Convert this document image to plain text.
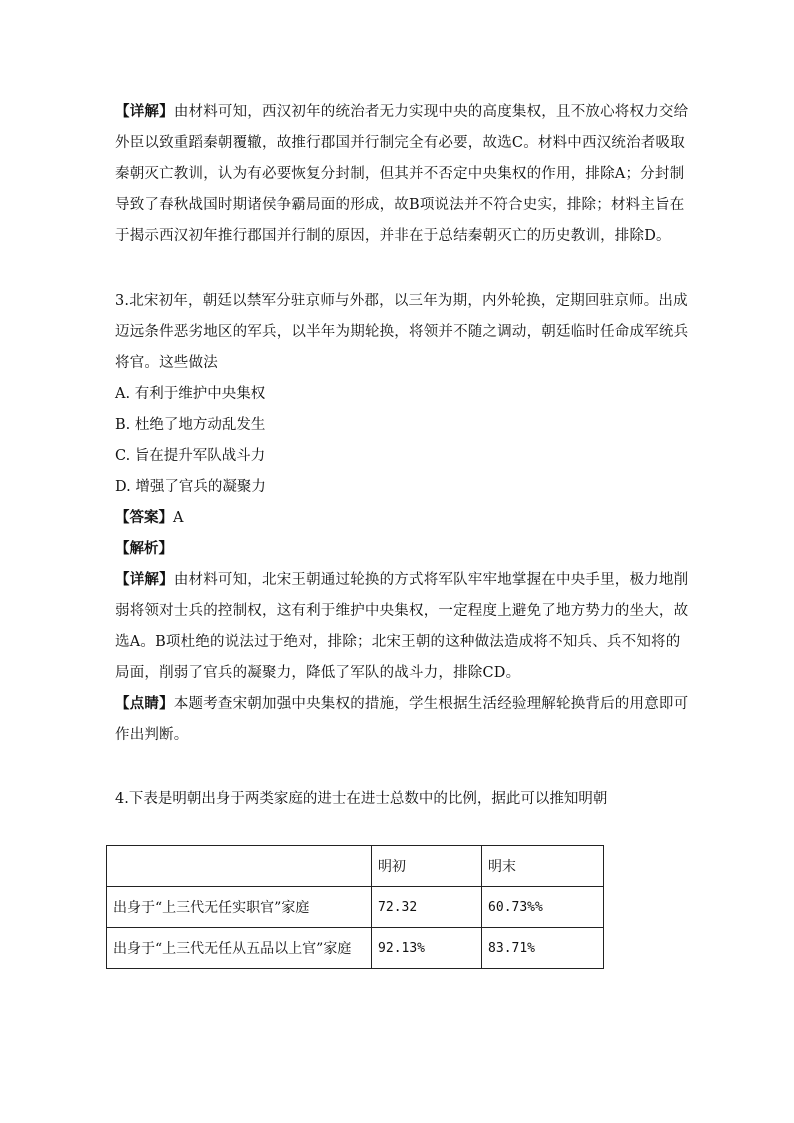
【详解】由材料可知，西汉初年的统治者无力实现中央的高度集权，且不放心将权力交给外臣以致重蹈秦朝覆辙，故推行郡国并行制完全有必要，故选C。材料中西汉统治者吸取秦朝灭亡教训，认为有必要恢复分封制，但其并不否定中央集权的作用，排除A；分封制导致了春秋战国时期诸侯争霸局面的形成，故B项说法并不符合史实，排除；材料主旨在于揭示西汉初年推行郡国并行制的原因，并非在于总结秦朝灭亡的历史教训，排除D。

3.北宋初年，朝廷以禁军分驻京师与外郡，以三年为期，内外轮换，定期回驻京师。出成迈远条件恶劣地区的军兵，以半年为期轮换，将领并不随之调动，朝廷临时任命成军统兵将官。这些做法

A. 有利于维护中央集权

B. 杜绝了地方动乱发生

C. 旨在提升军队战斗力

D. 增强了官兵的凝聚力

【答案】A

【解析】

【详解】由材料可知，北宋王朝通过轮换的方式将军队牢牢地掌握在中央手里，极力地削弱将领对士兵的控制权，这有利于维护中央集权，一定程度上避免了地方势力的坐大，故选A。B项杜绝的说法过于绝对，排除；北宋王朝的这种做法造成将不知兵、兵不知将的局面，削弱了官兵的凝聚力，降低了军队的战斗力，排除CD。

【点睛】本题考查宋朝加强中央集权的措施，学生根据生活经验理解轮换背后的用意即可作出判断。

4.下表是明朝出身于两类家庭的进士在进士总数中的比例，据此可以推知明朝

	明初	明末
出身于“上三代无任实职官”家庭	72.32	60.73%%
出身于“上三代无任从五品以上官”家庭	92.13%	83.71%
